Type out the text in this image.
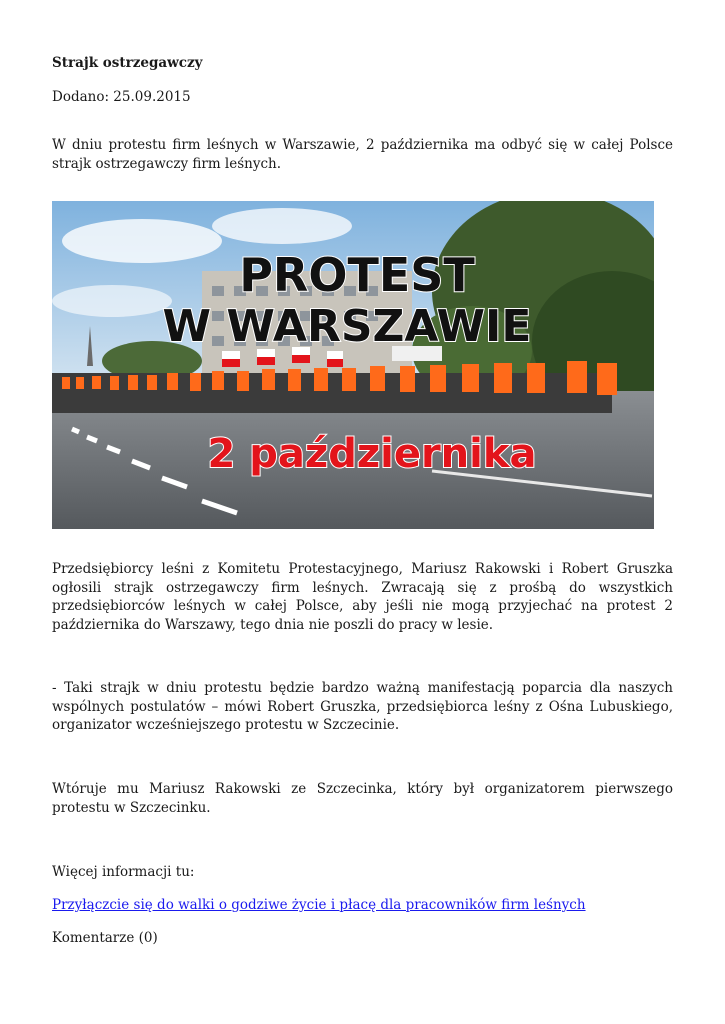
Strajk ostrzegawczy
Dodano: 25.09.2015

W dniu protestu firm leśnych w Warszawie, 2 października ma odbyć się w całej Polsce strajk ostrzegawczy firm leśnych.

PROTEST
W WARSZAWIE
2 października

Przedsiębiorcy leśni z Komitetu Protestacyjnego, Mariusz Rakowski i Robert Gruszka ogłosili strajk ostrzegawczy firm leśnych. Zwracają się z prośbą do wszystkich przedsiębiorców leśnych w całej Polsce, aby jeśli nie mogą przyjechać na protest 2 października do Warszawy, tego dnia nie poszli do pracy w lesie.

- Taki strajk w dniu protestu będzie bardzo ważną manifestacją poparcia dla naszych wspólnych postulatów – mówi Robert Gruszka, przedsiębiorca leśny z Ośna Lubuskiego, organizator wcześniejszego protestu w Szczecinie.

Wtóruje mu Mariusz Rakowski ze Szczecinka, który był organizatorem pierwszego protestu w Szczecinku.

Więcej informacji tu:
Przyłączcie się do walki o godziwe życie i płacę dla pracowników firm leśnych
Komentarze (0)
